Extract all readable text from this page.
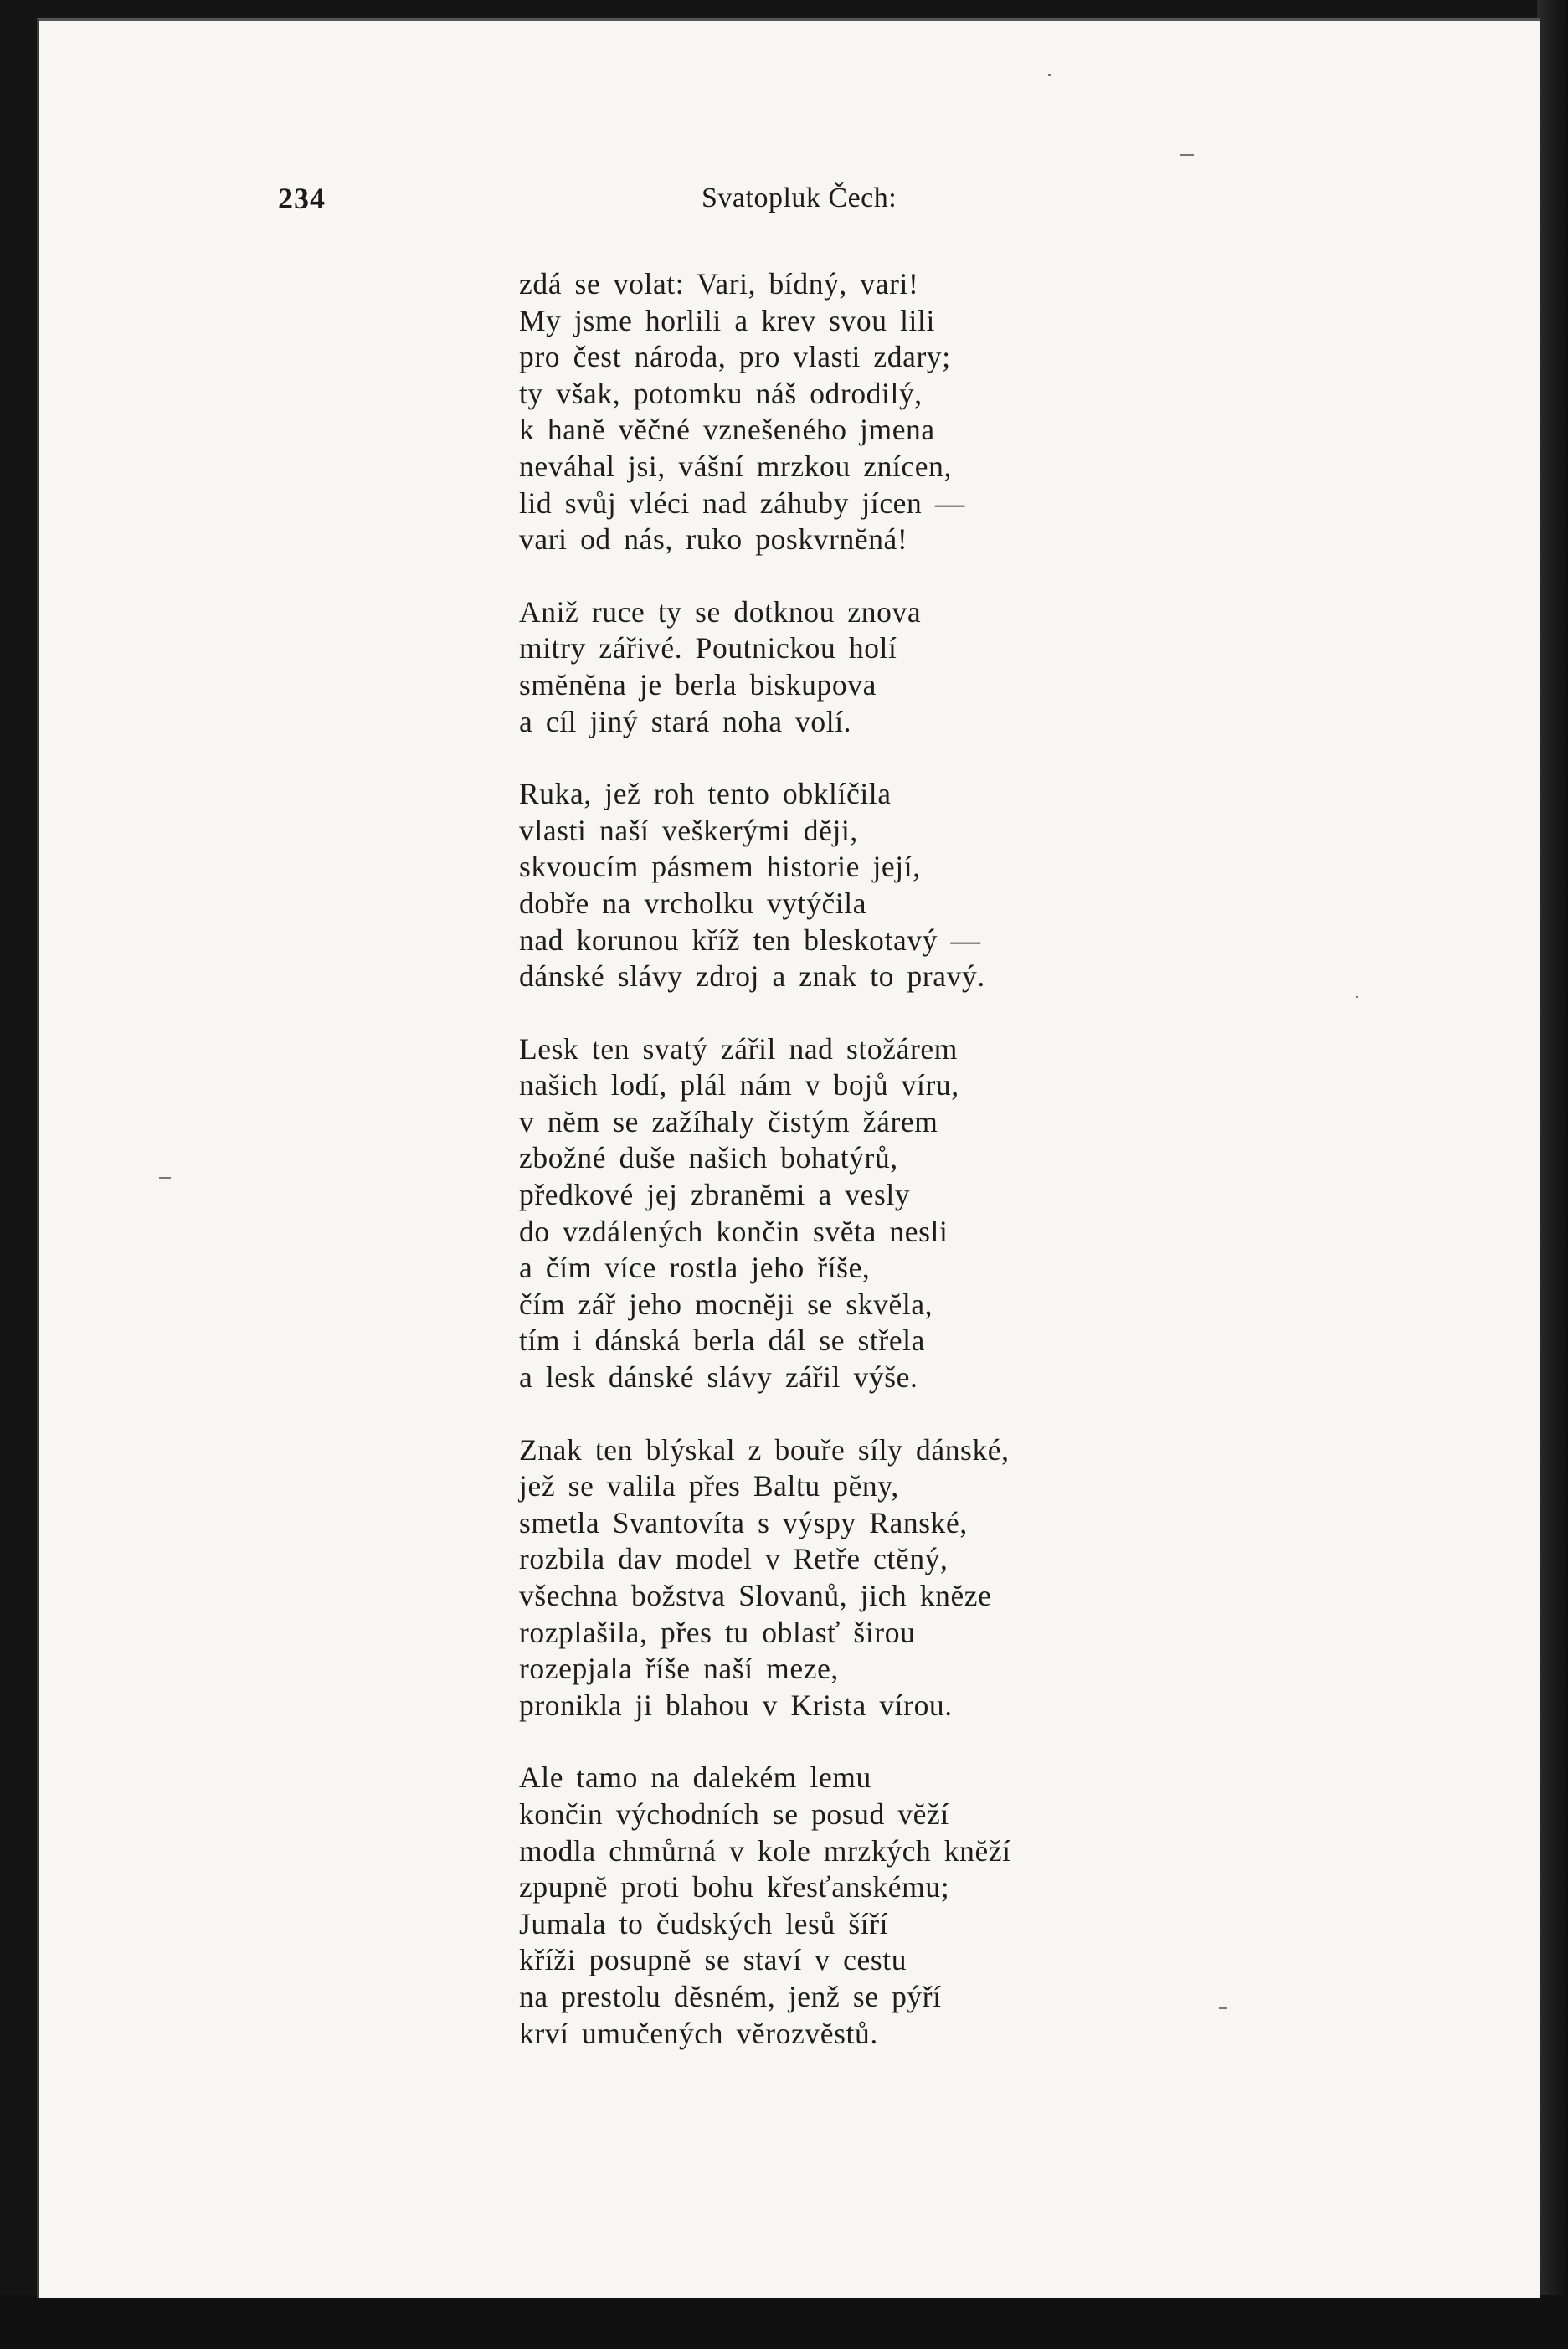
234	Svatopluk Čech:
zdá se volat: Vari, bídný, vari!
My jsme horlili a krev svou lili
pro čest národa, pro vlasti zdary;
ty však, potomku náš odrodilý,
k hanĕ vĕčné vznešeného jmena
neváhal jsi, vášní mrzkou znícen,
lid svůj vléci nad záhuby jícen —
vari od nás, ruko poskvrnĕná!
Aniž ruce ty se dotknou znova
mitry zářivé. Poutnickou holí
smĕnĕna je berla biskupova
a cíl jiný stará noha volí.
Ruka, jež roh tento obklíčila
vlasti naší veškerými dĕji,
skvoucím pásmem historie její,
dobře na vrcholku vytýčila
nad korunou kříž ten bleskotavý —
dánské slávy zdroj a znak to pravý.
Lesk ten svatý zářil nad stožárem
našich lodí, plál nám v bojů víru,
v nĕm se zažíhaly čistým žárem
zbožné duše našich bohatýrů,
předkové jej zbranĕmi a vesly
do vzdálených končin svĕta nesli
a čím více rostla jeho říše,
čím zář jeho mocnĕji se skvĕla,
tím i dánská berla dál se střela
a lesk dánské slávy zářil výše.
Znak ten blýskal z bouře síly dánské,
jež se valila přes Baltu pĕny,
smetla Svantovíta s výspy Ranské,
rozbila dav model v Retře ctĕný,
všechna božstva Slovanů, jich knĕze
rozplašila, přes tu oblasť širou
rozepjala říše naší meze,
pronikla ji blahou v Krista vírou.
Ale tamo na dalekém lemu
končin východních se posud vĕží
modla chmůrná v kole mrzkých knĕží
zpupnĕ proti bohu křesťanskému;
Jumala to čudských lesů šíří
kříži posupnĕ se staví v cestu
na prestolu dĕsném, jenž se pýří
krví umučených vĕrozvĕstů.
